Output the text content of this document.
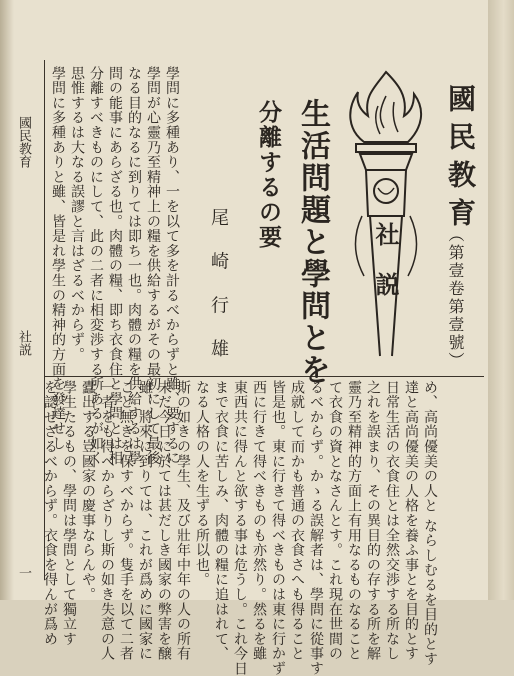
國民教育
社説
一
國民教育
（第壹卷第壹號）
社説
生活問題と學問とを
分離するの要
尾 崎 行 雄
學問に多種あり、一を以て多を計るべからずと雖、要するに
學問が心靈乃至精神上の糧を供給するがその最初にして最後
なる目的なるに到りては即ち一也。肉體の糧を供給するは學
問の能事にあらざる也。肉體の糧、即ち衣食住と學問とは相
分離すべきものにして、此の二者に相変渉する所あるが如く
思惟するは大なる誤謬と言はざるべからず。
學問に多種ありと雖、皆是れ學生の精神的方面を發達せし
め、高尚優美の人と ならしむるを目的とす
達と高尚優美の人格を養ふ事とを目的とす
日常生活の衣食住とは全然交渉する所なし
之れを誤まり、その異目的の存する所を解
靈乃至精神的方面上有用なるものなること
て衣食の資となさんとす。これ現在世間の
るべからず。かゝる誤解者は、學問に從事す
成就して而かも普通の衣食さへも得ること
皆是也。東に行きて得べきものは東に行かず
西に行きて得べきものも亦然り。然るを雖
東西共に得んと欲する事は危うし。これ今日
まで衣食に苦しみ、肉體の糧に追はれて、
なる人格の人を生ずる所以也。
斯の如きの學生、及び壯年中年の人の所有
未だ今日に於ては甚だしき國家の弊害を醸
雖、將來に到りては、これが爲めに國家に
こと無きを保すべからず。隻手を以て二者
一者をも得べからざりし斯の如き失意の人
蠹出する豈國家の慶事ならんや。
學生たるもの、學問は學問として獨立す
を認ぜざるべからず。衣食を得んが爲め
